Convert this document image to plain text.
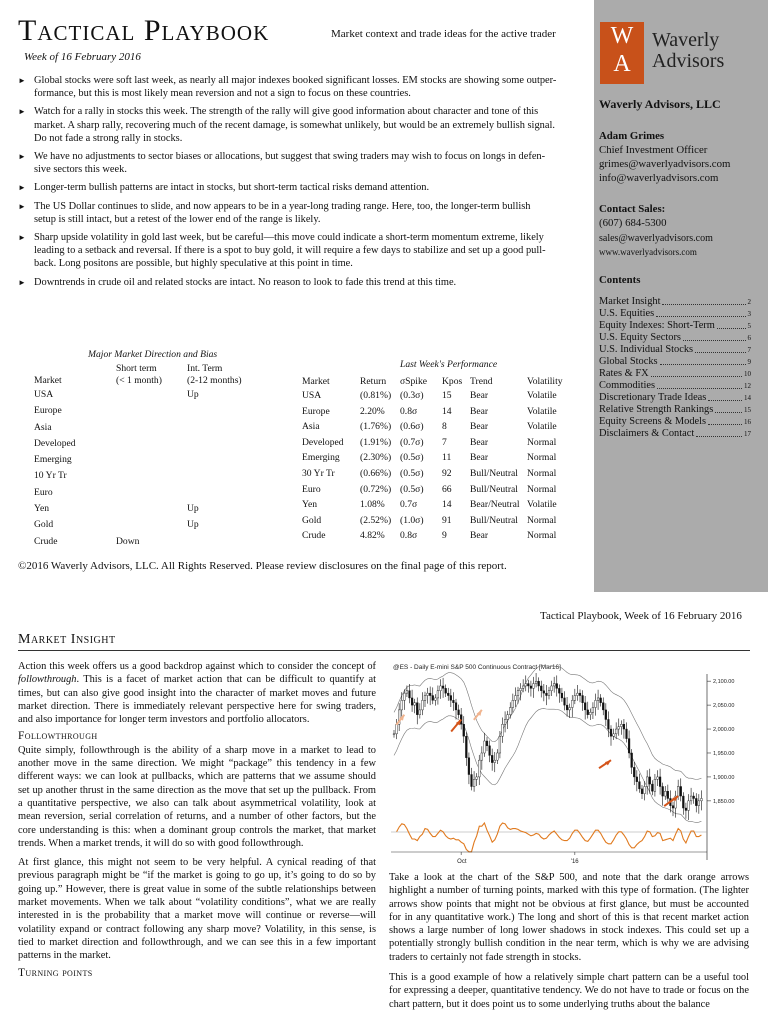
Tactical Playbook	Market context and trade ideas for the active trader
Week of 16 February 2016
► Global stocks were soft last week, as nearly all major indexes booked significant losses. EM stocks are showing some outper-
formance, but this is most likely mean reversion and not a sign to focus on these countries.
► Watch for a rally in stocks this week. The strength of the rally will give good information about character and tone of this
market. A sharp rally, recovering much of the recent damage, is somewhat unlikely, but would be an extremely bullish signal.
Do not fade a strong rally in stocks.
► We have no adjustments to sector biases or allocations, but suggest that swing traders may wish to focus on longs in defen-
sive sectors this week.
► Longer-term bullish patterns are intact in stocks, but short-term tactical risks demand attention.
► The US Dollar continues to slide, and now appears to be in a year-long trading range. Here, too, the longer-term bullish
setup is still intact, but a retest of the lower end of the range is likely.
► Sharp upside volatility in gold last week, but be careful—this move could indicate a short-term momentum extreme, likely
leading to a setback and reversal. If there is a spot to buy gold, it will require a few days to stabilize and set up a good pull-
back. Long positons are possible, but highly speculative at this point in time.
► Downtrends in crude oil and related stocks are intact. No reason to look to fade this trend at this time.
W
A
Waverly
Advisors
Waverly Advisors, LLC
Adam Grimes
Chief Investment Officer
grimes@waverlyadvisors.com
info@waverlyadvisors.com
Contact Sales:
(607) 684-5300
sales@waverlyadvisors.com
www.waverlyadvisors.com
Contents
Market Insight	2
U.S. Equities	3
Equity Indexes: Short-Term	5
U.S. Equity Sectors	6
U.S. Individual Stocks	7
Global Stocks	9
Rates & FX	10
Commodities	12
Discretionary Trade Ideas	14
Relative Strength Rankings	15
Equity Screens & Models	16
Disclaimers & Contact	17
Major Market Direction and Bias
	Short term	Int. Term
Market	(< 1 month)	(2-12 months)
USA		Up
Europe		
Asia		
Developed		
Emerging		
10 Yr Tr		
Euro		
Yen		Up
Gold		Up
Crude	Down	
Last Week's Performance
Market	Return	σSpike	Kpos	Trend	Volatility
USA	(0.81%)	(0.3σ)	15	Bear	Volatile
Europe	2.20%	0.8σ	14	Bear	Volatile
Asia	(1.76%)	(0.6σ)	8	Bear	Volatile
Developed	(1.91%)	(0.7σ)	7	Bear	Normal
Emerging	(2.30%)	(0.5σ)	11	Bear	Normal
30 Yr Tr	(0.66%)	(0.5σ)	92	Bull/Neutral	Normal
Euro	(0.72%)	(0.5σ)	66	Bull/Neutral	Normal
Yen	1.08%	0.7σ	14	Bear/Neutral	Volatile
Gold	(2.52%)	(1.0σ)	91	Bull/Neutral	Normal
Crude	4.82%	0.8σ	9	Bear	Normal
©2016 Waverly Advisors, LLC. All Rights Reserved. Please review disclosures on the final page of this report.
Tactical Playbook, Week of 16 February 2016
Market Insight

Action this week offers us a good backdrop against which to consider the concept of followthrough. This is a facet of market action that can be difficult to quantify at times, but can also give good insight into the character of market moves and future market direction. There is immediately relevant perspective here for swing traders, and also importance for longer term investors and portfolio allocators.

Followthrough

Quite simply, followthrough is the ability of a sharp move in a market to lead to another move in the same direction. We might “package” this tendency in a few different ways: we can look at pullbacks, which are patterns that we assume should set up another thrust in the same direction as the move that set up the pullback. From a quantitative perspective, we also can talk about asymmetrical volatility, look at mean reversion, serial correlation of returns, and a number of other factors, but the core understanding is this: when a dominant group controls the market, that market trends. When a market trends, it will do so with good followthrough.

At first glance, this might not seem to be very helpful. A cynical reading of that previous paragraph might be “if the market is going to go up, it’s going to do so by going up.” However, there is great value in some of the subtle relationships between market movements. When we talk about “volatility conditions”, what we are really interested in is the probability that a market move will continue or reverse—will volatility expand or contract following any sharp move? Volatility, in this sense, is tied to market direction and followthrough, and we can see this in a few important patterns in the market.

Turning points
@ES - Daily E-mini S&P 500 Continuous Contract [Mar16]
2,100.00
2,050.00
2,000.00
1,950.00
1,900.00
1,850.00
Oct	'16

Take a look at the chart of the S&P 500, and note that the dark orange arrows highlight a number of turning points, marked with this type of formation. (The lighter arrows show points that might not be obvious at first glance, but must be accounted for in any quantitative work.) The long and short of this is that recent market action shows a large number of long lower shadows in stock indexes. This could set up a potentially strongly bullish condition in the near term, which is why we are advising traders to certainly not fade strength in stocks.

This is a good example of how a relatively simple chart pattern can be a useful tool for expressing a deeper, quantitative tendency. We do not have to trade or focus on the chart pattern, but it does point us to some underlying truths about the balance
